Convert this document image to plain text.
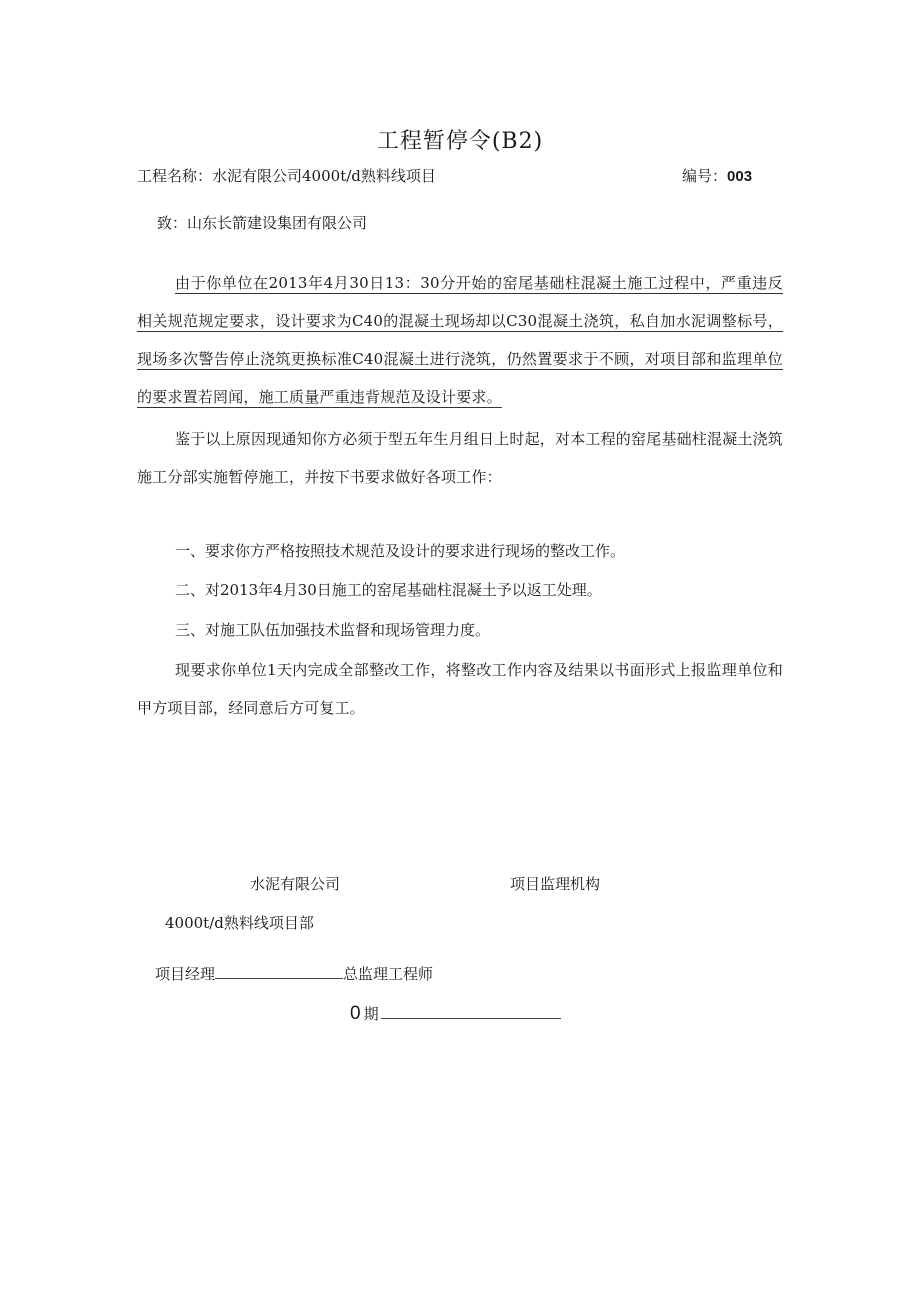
工程暂停令(B2)
工程名称：水泥有限公司4000t/d熟料线项目	编号：003
致：山东长箭建设集团有限公司
由于你单位在2013年4月30日13：30分开始的窑尾基础柱混凝土施工过程中，严重违反相关规范规定要求，设计要求为C40的混凝土现场却以C30混凝土浇筑，私自加水泥调整标号，现场多次警告停止浇筑更换标准C40混凝土进行浇筑，仍然置要求于不顾，对项目部和监理单位的要求置若罔闻，施工质量严重违背规范及设计要求。
鉴于以上原因现通知你方必须于型五年生月组日上时起，对本工程的窑尾基础柱混凝土浇筑施工分部实施暂停施工，并按下书要求做好各项工作：
一、要求你方严格按照技术规范及设计的要求进行现场的整改工作。
二、对2013年4月30日施工的窑尾基础柱混凝土予以返工处理。
三、对施工队伍加强技术监督和现场管理力度。
现要求你单位1天内完成全部整改工作，将整改工作内容及结果以书面形式上报监理单位和甲方项目部，经同意后方可复工。
水泥有限公司	项目监理机构
4000t/d熟料线项目部
项目经理	总监理工程师
0 期
